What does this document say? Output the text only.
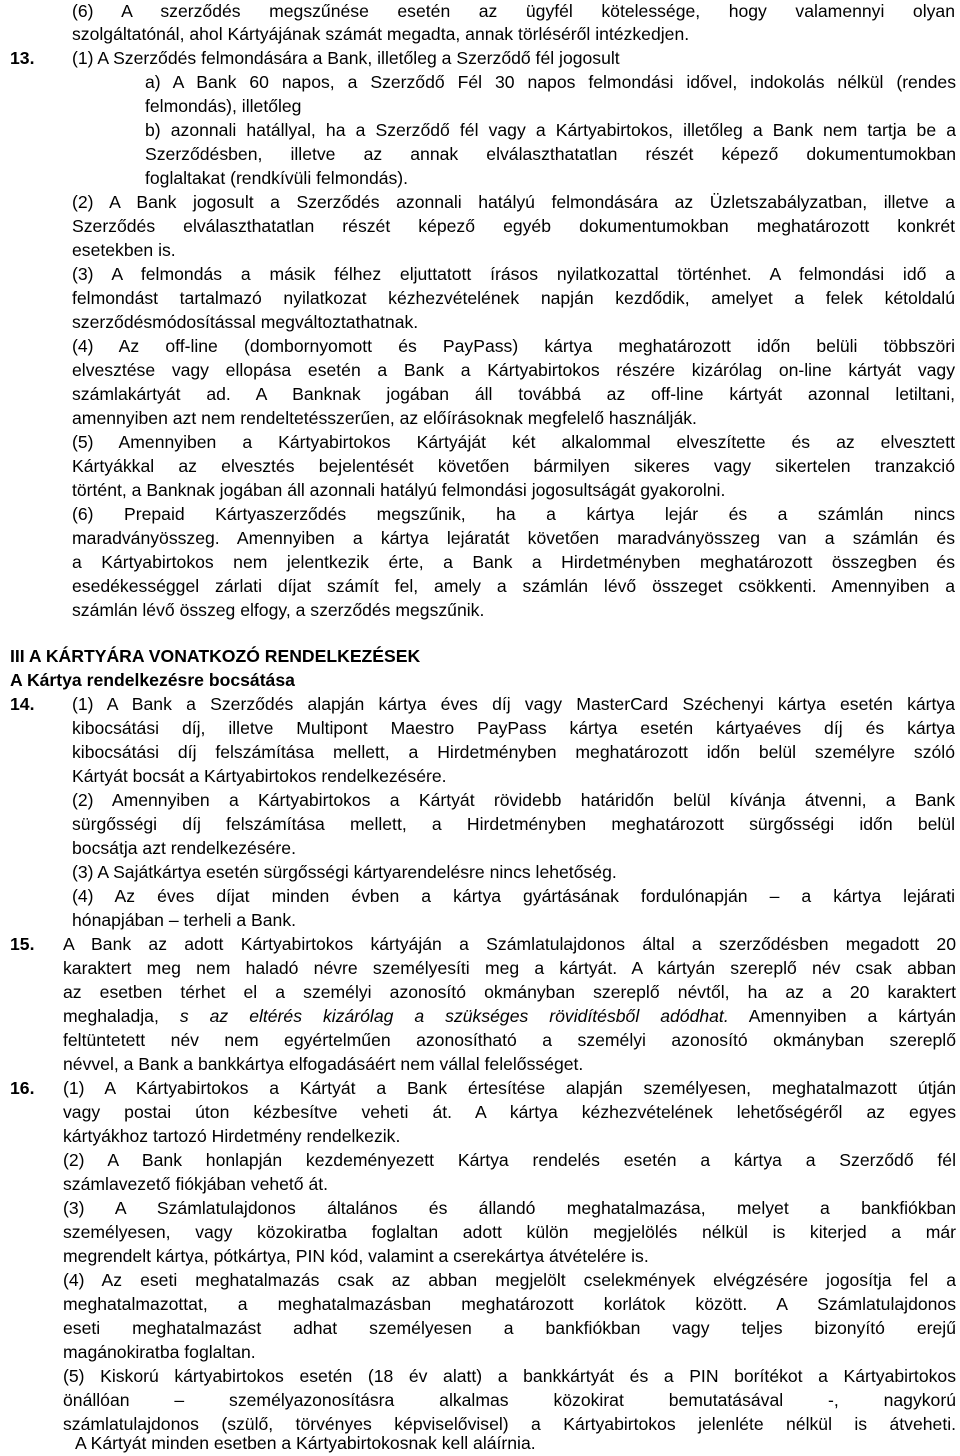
(6) A szerződés megszűnése esetén az ügyfél kötelessége, hogy valamennyi olyan
szolgáltatónál, ahol Kártyájának számát megadta, annak törléséről intézkedjen.
13. (1) A Szerződés felmondására a Bank, illetőleg a Szerződő fél jogosult
a) A Bank 60 napos, a Szerződő Fél 30 napos felmondási idővel, indokolás nélkül (rendes
felmondás), illetőleg
b) azonnali hatállyal, ha a Szerződő fél vagy a Kártyabirtokos, illetőleg a Bank nem tartja be a
Szerződésben, illetve az annak elválaszthatatlan részét képező dokumentumokban
foglaltakat (rendkívüli felmondás).
(2) A Bank jogosult a Szerződés azonnali hatályú felmondására az Üzletszabályzatban, illetve a
Szerződés elválaszthatatlan részét képező egyéb dokumentumokban meghatározott konkrét
esetekben is.
(3) A felmondás a másik félhez eljuttatott írásos nyilatkozattal történhet. A felmondási idő a
felmondást tartalmazó nyilatkozat kézhezvételének napján kezdődik, amelyet a felek kétoldalú
szerződésmódosítással megváltoztathatnak.
(4) Az off-line (dombornyomott és PayPass) kártya meghatározott időn belüli többszöri
elvesztése vagy ellopása esetén a Bank a Kártyabirtokos részére kizárólag on-line kártyát vagy
számlakártyát ad. A Banknak jogában áll továbbá az off-line kártyát azonnal letiltani,
amennyiben azt nem rendeltetésszerűen, az előírásoknak megfelelő használják.
(5) Amennyiben a Kártyabirtokos Kártyáját két alkalommal elveszítette és az elvesztett
Kártyákkal az elvesztés bejelentését követően bármilyen sikeres vagy sikertelen tranzakció
történt, a Banknak jogában áll azonnali hatályú felmondási jogosultságát gyakorolni.
(6) Prepaid Kártyaszerződés megszűnik, ha a kártya lejár és a számlán nincs
maradványösszeg. Amennyiben a kártya lejáratát követően maradványösszeg van a számlán és
a Kártyabirtokos nem jelentkezik érte, a Bank a Hirdetményben meghatározott összegben és
esedékességgel zárlati díjat számít fel, amely a számlán lévő összeget csökkenti. Amennyiben a
számlán lévő összeg elfogy, a szerződés megszűnik.
III A KÁRTYÁRA VONATKOZÓ RENDELKEZÉSEK
A Kártya rendelkezésre bocsátása
14. (1) A Bank a Szerződés alapján kártya éves díj vagy MasterCard Széchenyi kártya esetén kártya
kibocsátási díj, illetve Multipont Maestro PayPass kártya esetén kártyaéves díj és kártya
kibocsátási díj felszámítása mellett, a Hirdetményben meghatározott időn belül személyre szóló
Kártyát bocsát a Kártyabirtokos rendelkezésére.
(2) Amennyiben a Kártyabirtokos a Kártyát rövidebb határidőn belül kívánja átvenni, a Bank
sürgősségi díj felszámítása mellett, a Hirdetményben meghatározott sürgősségi időn belül
bocsátja azt rendelkezésére.
(3) A Sajátkártya esetén sürgősségi kártyarendelésre nincs lehetőség.
(4) Az éves díjat minden évben a kártya gyártásának fordulónapján – a kártya lejárati
hónapjában – terheli a Bank.
15. A Bank az adott Kártyabirtokos kártyáján a Számlatulajdonos által a szerződésben megadott 20
karaktert meg nem haladó névre személyesíti meg a kártyát. A kártyán szereplő név csak abban
az esetben térhet el a személyi azonosító okmányban szereplő névtől, ha az a 20 karaktert
meghaladja, s az eltérés kizárólag a szükséges rövidítésből adódhat. Amennyiben a kártyán
feltüntetett név nem egyértelműen azonosítható a személyi azonosító okmányban szereplő
névvel, a Bank a bankkártya elfogadásáért nem vállal felelősséget.
16. (1) A Kártyabirtokos a Kártyát a Bank értesítése alapján személyesen, meghatalmazott útján
vagy postai úton kézbesítve veheti át. A kártya kézhezvételének lehetőségéről az egyes
kártyákhoz tartozó Hirdetmény rendelkezik.
(2) A Bank honlapján kezdeményezett Kártya rendelés esetén a kártya a Szerződő fél
számlavezető fiókjában vehető át.
(3) A Számlatulajdonos általános és állandó meghatalmazása, melyet a bankfiókban
személyesen, vagy közokiratba foglaltan adott külön megjelölés nélkül is kiterjed a már
megrendelt kártya, pótkártya, PIN kód, valamint a cserekártya átvételére is.
(4) Az eseti meghatalmazás csak az abban megjelölt cselekmények elvégzésére jogosítja fel a
meghatalmazottat, a meghatalmazásban meghatározott korlátok között. A Számlatulajdonos
eseti meghatalmazást adhat személyesen a bankfiókban vagy teljes bizonyító erejű
magánokiratba foglaltan.
(5) Kiskorú kártyabirtokos esetén (18 év alatt) a bankkártyát és a PIN borítékot a Kártyabirtokos
önállóan – személyazonosításra alkalmas közokirat bemutatásával -, nagykorú
számlatulajdonos (szülő, törvényes képviselővisel) a Kártyabirtokos jelenléte nélkül is átveheti.
A Kártyát minden esetben a Kártyabirtokosnak kell aláírnia.
